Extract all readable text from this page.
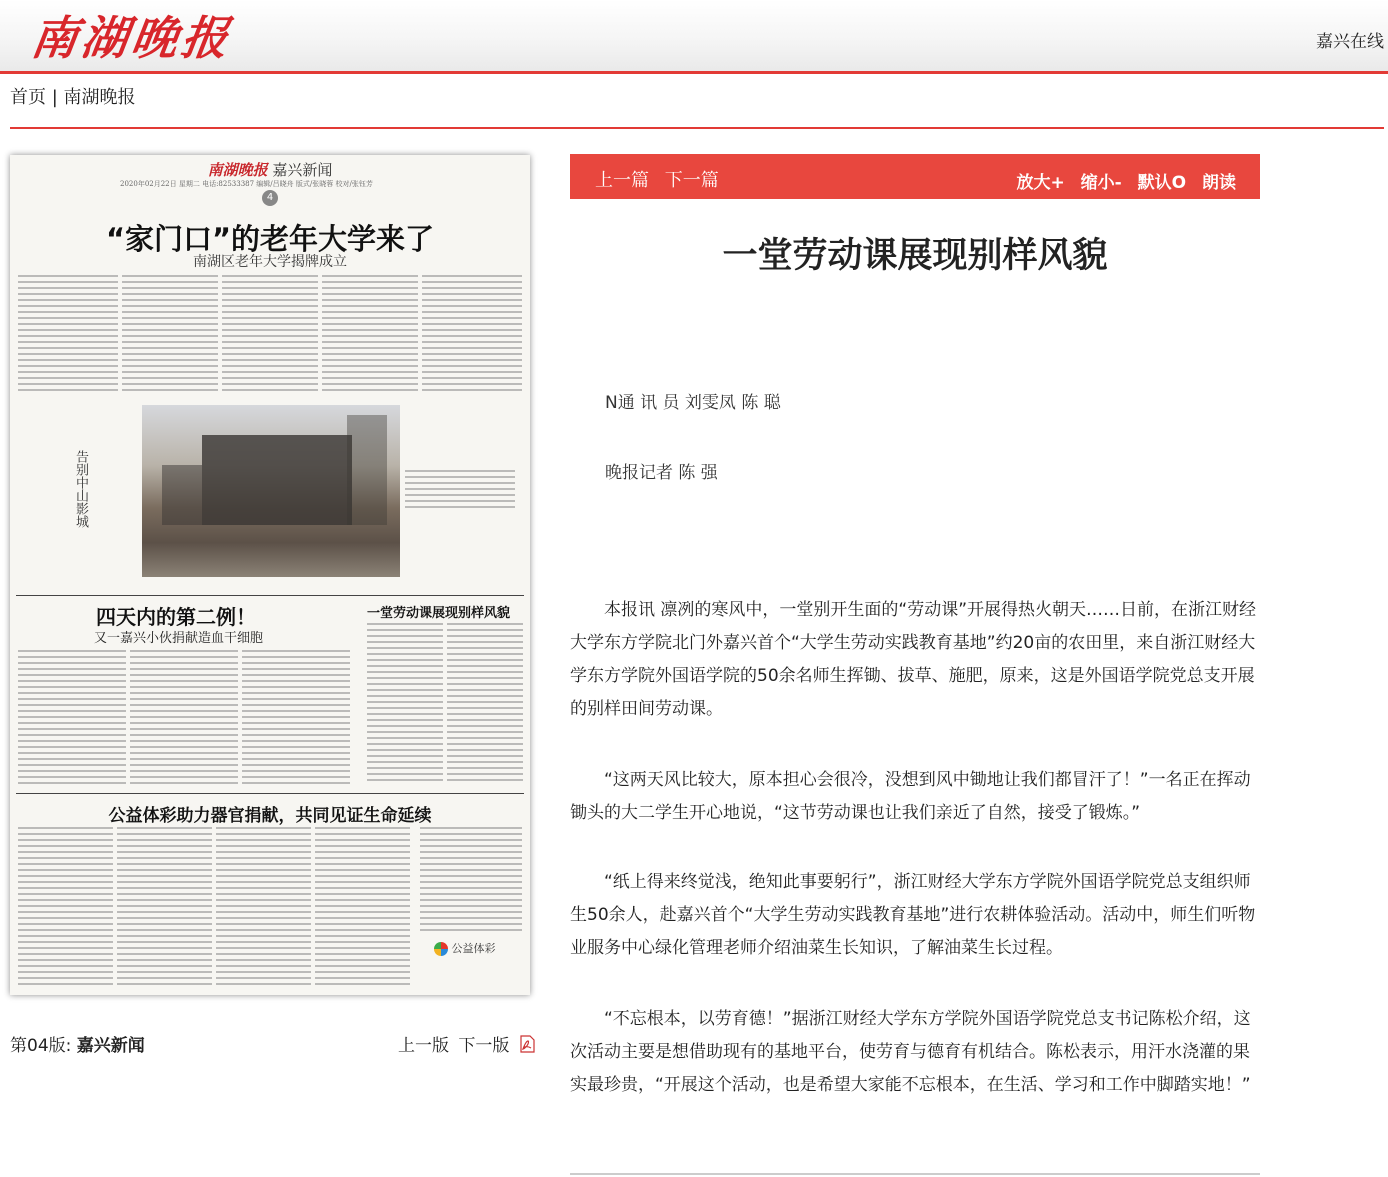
南湖晚报	嘉兴在线
首页 | 南湖晚报
南湖晚报 嘉兴新闻
2020年02月22日 星期二 电话:82533387 编辑/吕晓舟 版式/张晓蓉 校对/张钰芳
4
“家门口”的老年大学来了
南湖区老年大学揭牌成立
告别中山影城
四天内的第二例！
又一嘉兴小伙捐献造血干细胞
一堂劳动课展现别样风貌
公益体彩助力器官捐献，共同见证生命延续
公益体彩
第04版: 嘉兴新闻	上一版 下一版
上一篇 下一篇	放大+ 缩小- 默认O 朗读
一堂劳动课展现别样风貌
N通 讯 员 刘雯凤 陈 聪
晚报记者 陈 强

本报讯 凛冽的寒风中，一堂别开生面的“劳动课”开展得热火朝天……日前，在浙江财经大学东方学院北门外嘉兴首个“大学生劳动实践教育基地”约20亩的农田里，来自浙江财经大学东方学院外国语学院的50余名师生挥锄、拔草、施肥，原来，这是外国语学院党总支开展的别样田间劳动课。

“这两天风比较大，原本担心会很冷，没想到风中锄地让我们都冒汗了！”一名正在挥动锄头的大二学生开心地说，“这节劳动课也让我们亲近了自然，接受了锻炼。”

“纸上得来终觉浅，绝知此事要躬行”，浙江财经大学东方学院外国语学院党总支组织师生50余人，赴嘉兴首个“大学生劳动实践教育基地”进行农耕体验活动。活动中，师生们听物业服务中心绿化管理老师介绍油菜生长知识，了解油菜生长过程。

“不忘根本，以劳育德！”据浙江财经大学东方学院外国语学院党总支书记陈松介绍，这次活动主要是想借助现有的基地平台，使劳育与德育有机结合。陈松表示，用汗水浇灌的果实最珍贵，“开展这个活动，也是希望大家能不忘根本，在生活、学习和工作中脚踏实地！”
